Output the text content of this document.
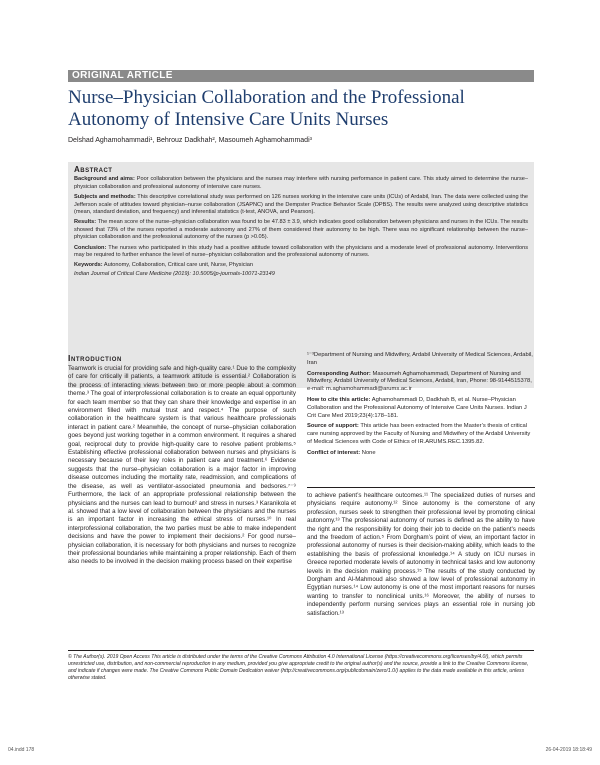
ORIGINAL ARTICLE
Nurse–Physician Collaboration and the Professional
Autonomy of Intensive Care Units Nurses
Delshad Aghamohammadi¹, Behrouz Dadkhah², Masoumeh Aghamohammadi³
Abstract

Background and aims: Poor collaboration between the physicians and the nurses may interfere with nursing performance in patient care. This study aimed to determine the nurse–physician collaboration and professional autonomy of intensive care nurses.

Subjects and methods: This descriptive correlational study was performed on 126 nurses working in the intensive care units (ICUs) of Ardabil, Iran. The data were collected using the Jefferson scale of attitudes toward physician–nurse collaboration (JSAPNC) and the Dempster Practice Behavior Scale (DPBS). The results were analyzed using descriptive statistics (mean, standard deviation, and frequency) and inferential statistics (t-test, ANOVA, and Pearson).

Results: The mean score of the nurse–physician collaboration was found to be 47.83 ± 3.9, which indicates good collaboration between physicians and nurses in the ICUs. The results showed that 73% of the nurses reported a moderate autonomy and 27% of them considered their autonomy to be high. There was no significant relationship between the nurse–physician collaboration and the professional autonomy of the nurses (p >0.05).

Conclusion: The nurses who participated in this study had a positive attitude toward collaboration with the physicians and a moderate level of professional autonomy. Interventions may be required to further enhance the level of nurse–physician collaboration and the professional autonomy of nurses.

Keywords: Autonomy, Collaboration, Critical care unit, Nurse, Physician

Indian Journal of Critical Care Medicine (2019): 10.5005/jp-journals-10071-23149

Introduction

Teamwork is crucial for providing safe and high-quality care.¹ Due to the complexity of care for critically ill patients, a teamwork attitude is essential.² Collaboration is the process of interacting views between two or more people about a common theme.³ The goal of interprofessional collaboration is to create an equal opportunity for each team member so that they can share their knowledge and expertise in an environment filled with mutual trust and respect.⁴ The purpose of such collaboration in the healthcare system is that various healthcare professionals interact in patient care.² Meanwhile, the concept of nurse–physician collaboration goes beyond just working together in a common environment. It requires a shared goal, reciprocal duty to provide high-quality care to resolve patient problems.⁵ Establishing effective professional collaboration between nurses and physicians is necessary because of their key roles in patient care and treatment.⁶ Evidence suggests that the nurse–physician collaboration is a major factor in improving disease outcomes including the mortality rate, readmission, and complications of the disease, as well as ventilator-associated pneumonia and bedsores.⁷⁻⁹ Furthermore, the lack of an appropriate professional relationship between the physicians and the nurses can lead to burnout² and stress in nurses.³ Karanikola et al. showed that a low level of collaboration between the physicians and the nurses is an important factor in increasing the ethical stress of nurses.¹⁰ In real interprofessional collaboration, the two parties must be able to make independent decisions and have the power to implement their decisions.² For good nurse–physician collaboration, it is necessary for both physicians and nurses to recognize their professional boundaries while maintaining a proper relationship. Each of them also needs to be involved in the decision making process based on their expertise

¹⁻³Department of Nursing and Midwifery, Ardabil University of Medical Sciences, Ardabil, Iran

Corresponding Author: Masoumeh Aghamohammadi, Department of Nursing and Midwifery, Ardabil University of Medical Sciences, Ardabil, Iran, Phone: 98-9144515378, e-mail: m.aghamohammadi@arums.ac.ir

How to cite this article: Aghamohammadi D, Dadkhah B, et al. Nurse–Physician Collaboration and the Professional Autonomy of Intensive Care Units Nurses. Indian J Crit Care Med 2019;23(4):178–181.

Source of support: This article has been extracted from the Master’s thesis of critical care nursing approved by the Faculty of Nursing and Midwifery of the Ardabil University of Medical Sciences with Code of Ethics of IR.ARUMS.REC.1395.82.

Conflict of interest: None

to achieve patient’s healthcare outcomes.¹¹ The specialized duties of nurses and physicians require autonomy.¹² Since autonomy is the cornerstone of any profession, nurses seek to strengthen their professional level by promoting clinical autonomy.¹³ The professional autonomy of nurses is defined as the ability to have the right and the responsibility for doing their job to decide on the patient’s needs and the freedom of action.⁵ From Dorgham’s point of view, an important factor in professional autonomy of nurses is their decision-making ability, which leads to the establishing the basis of professional knowledge.¹⁴ A study on ICU nurses in Greece reported moderate levels of autonomy in technical tasks and low autonomy levels in the decision making process.¹⁵ The results of the study conducted by Dorgham and Al-Mahmoud also showed a low level of professional autonomy in Egyptian nurses.¹⁴ Low autonomy is one of the most important reasons for nurses wanting to transfer to nonclinical units.¹⁶ Moreover, the ability of nurses to independently perform nursing services plays an essential role in nursing job satisfaction.¹³

© The Author(s). 2019 Open Access This article is distributed under the terms of the Creative Commons Attribution 4.0 International License (https://creativecommons.org/licenses/by/4.0/), which permits unrestricted use, distribution, and non-commercial reproduction in any medium, provided you give appropriate credit to the original author(s) and the source, provide a link to the Creative Commons license, and indicate if changes were made. The Creative Commons Public Domain Dedication waiver (http://creativecommons.org/publicdomain/zero/1.0/) applies to the data made available in this article, unless otherwise stated.
04.indd 178	26-04-2019 18:18:49
